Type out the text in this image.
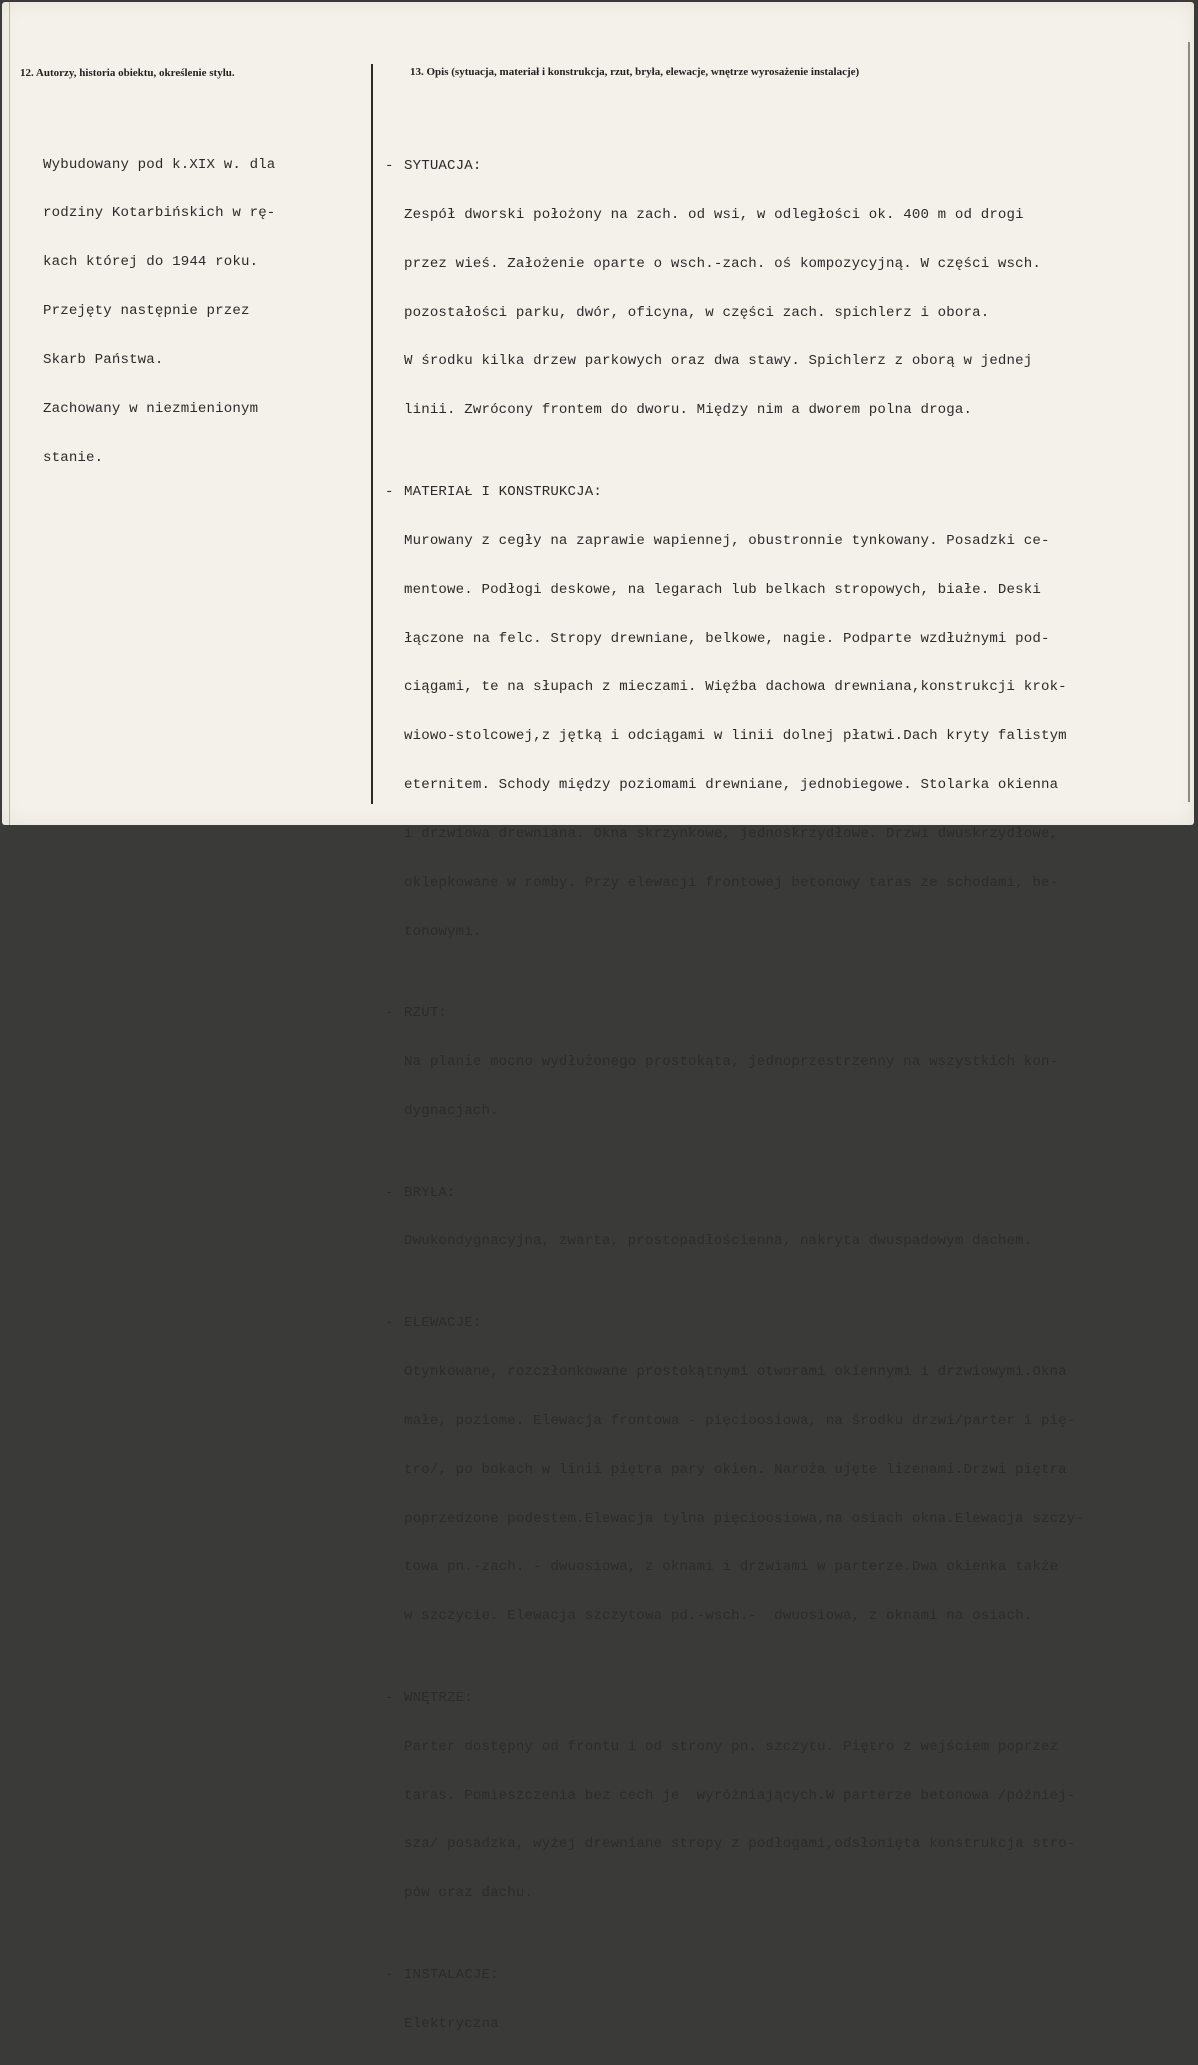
12. Autorzy, historia obiektu, określenie stylu.	13. Opis (sytuacja, materiał i konstrukcja, rzut, bryła, elewacje, wnętrze wyrosażenie instalacje)

Wybudowany pod k.XIX w. dla

rodziny Kotarbińskich w rę-

kach której do 1944 roku.

Przejęty następnie przez

Skarb Państwa.

Zachowany w niezmienionym

stanie.

- SYTUACJA:

Zespół dworski położony na zach. od wsi, w odległości ok. 400 m od drogi

przez wieś. Założenie oparte o wsch.-zach. oś kompozycyjną. W części wsch.

pozostałości parku, dwór, oficyna, w części zach. spichlerz i obora.

W środku kilka drzew parkowych oraz dwa stawy. Spichlerz z oborą w jednej

linii. Zwrócony frontem do dworu. Między nim a dworem polna droga.

- MATERIAŁ I KONSTRUKCJA:

Murowany z cegły na zaprawie wapiennej, obustronnie tynkowany. Posadzki ce-

mentowe. Podłogi deskowe, na legarach lub belkach stropowych, białe. Deski

łączone na felc. Stropy drewniane, belkowe, nagie. Podparte wzdłużnymi pod-

ciągami, te na słupach z mieczami. Więźba dachowa drewniana,konstrukcji krok-

wiowo-stolcowej,z jętką i odciągami w linii dolnej płatwi.Dach kryty falistym

eternitem. Schody między poziomami drewniane, jednobiegowe. Stolarka okienna

i drzwiowa drewniana. Okna skrzynkowe, jednoskrzydłowe. Drzwi dwuskrzydłowe,

oklepkowane w romby. Przy elewacji frontowej betonowy taras ze schodami, be-

tonowymi.

- RZUT:

Na planie mocno wydłużonego prostokąta, jednoprzestrzenny na wszystkich kon-

dygnacjach.

- BRYŁA:

Dwukondygnacyjna, zwarta, prostopadłościenna, nakryta dwuspadowym dachem.

- ELEWACJE:

Otynkowane, rozczłonkowane prostokątnymi otworami okiennymi i drzwiowymi.Okna

małe, poziome. Elewacja frontowa - pięcioosiowa, na środku drzwi/parter i pię-

tro/, po bokach w linii piętra pary okien. Naroża ujęte lizenami.Drzwi piętra

poprzedzone podestem.Elewacja tylna pięcioosiowa,na osiach okna.Elewacja szczy-

towa pn.-zach. - dwuosiowa, z oknami i drzwiami w parterze.Dwa okienka także

w szczycie. Elewacja szczytowa pd.-wsch.-  dwuosiowa, z oknami na osiach.

- WNĘTRZE:

Parter dostępny od frontu i od strony pn. szczytu. Piętro z wejściem poprzez

taras. Pomieszczenia bez cech je  wyróżniających.W parterze betonowa /później-

sza/ posadzka, wyżej drewniane stropy z podłogami,odsłonięta konstrukcja stro-

pów oraz dachu.

- INSTALACJE:

Elektryczna
